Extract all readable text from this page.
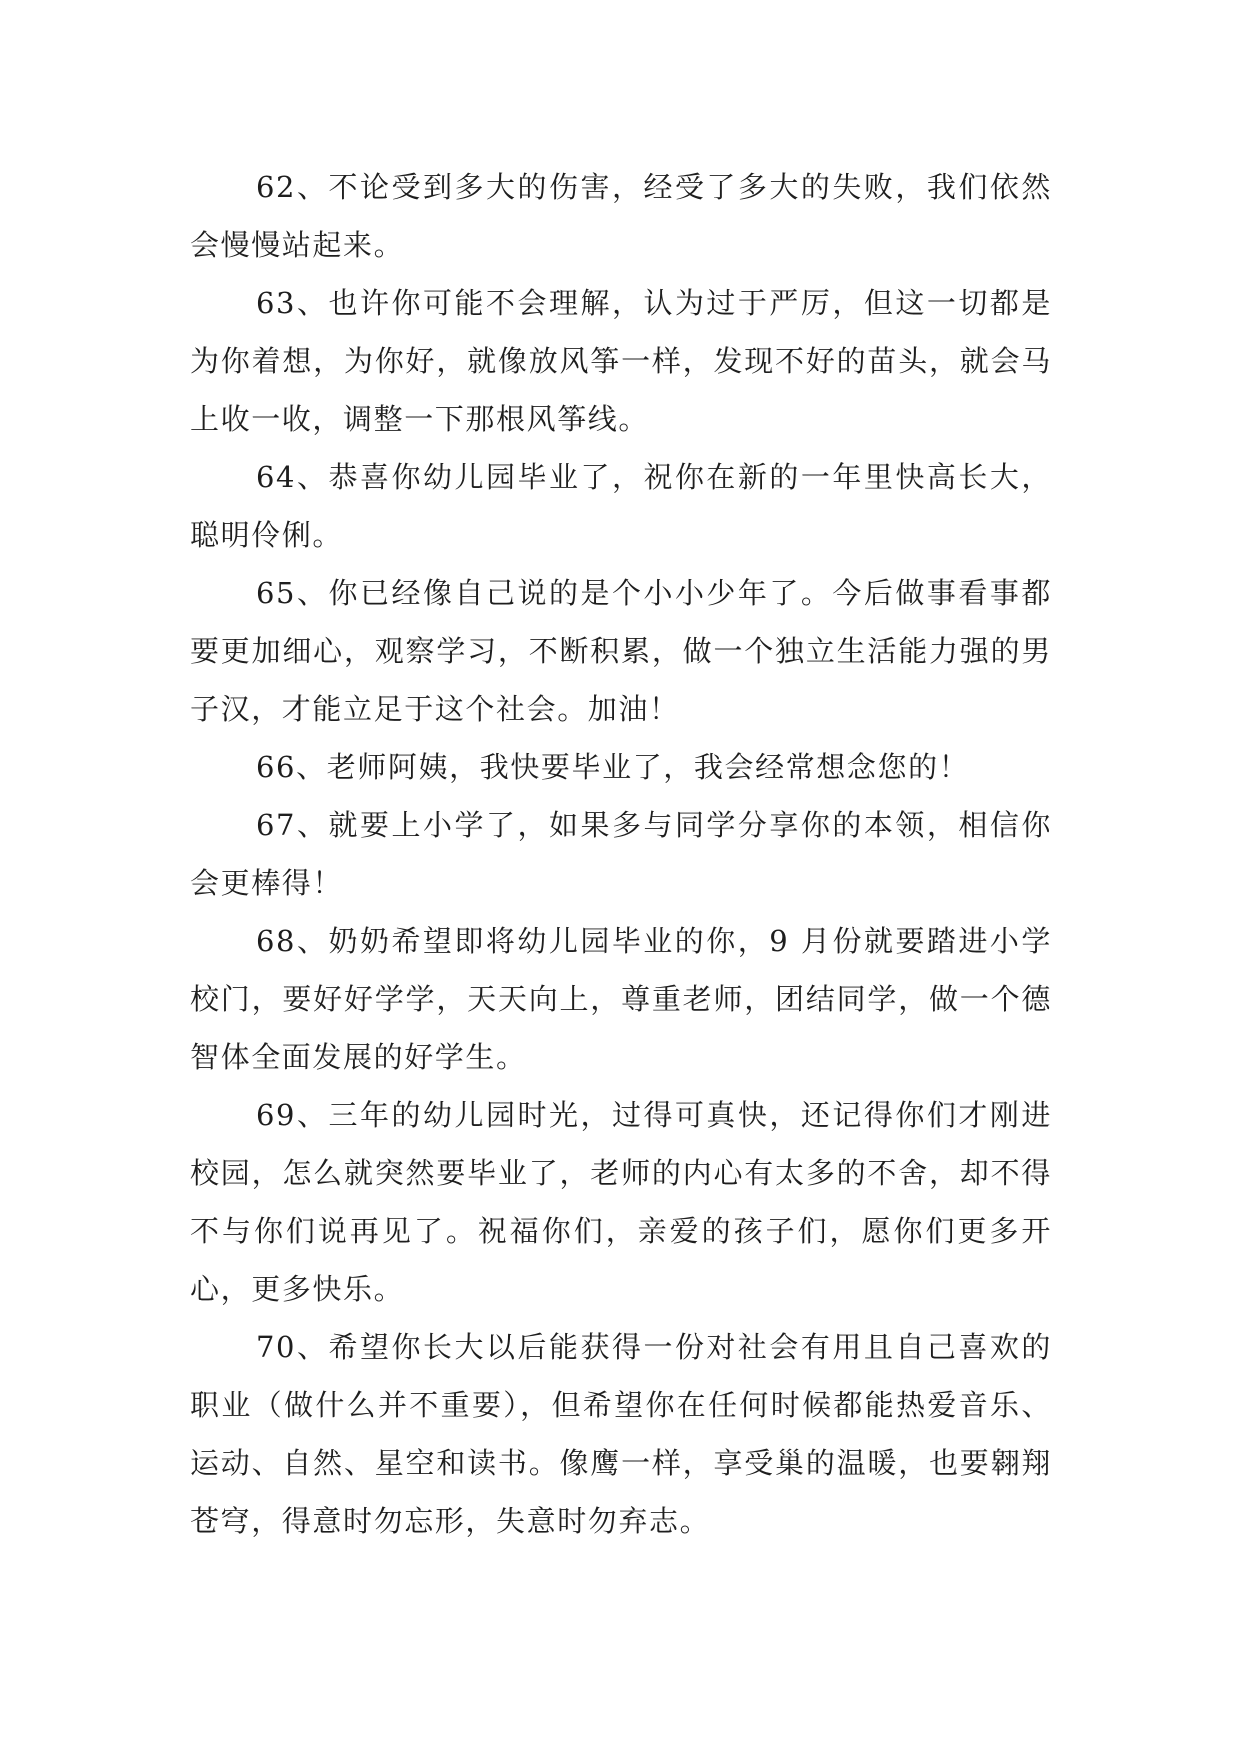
62、不论受到多大的伤害，经受了多大的失败，我们依然会慢慢站起来。

63、也许你可能不会理解，认为过于严厉，但这一切都是为你着想，为你好，就像放风筝一样，发现不好的苗头，就会马上收一收，调整一下那根风筝线。

64、恭喜你幼儿园毕业了，祝你在新的一年里快高长大，聪明伶俐。

65、你已经像自己说的是个小小少年了。今后做事看事都要更加细心，观察学习，不断积累，做一个独立生活能力强的男子汉，才能立足于这个社会。加油！

66、老师阿姨，我快要毕业了，我会经常想念您的！

67、就要上小学了，如果多与同学分享你的本领，相信你会更棒得！

68、奶奶希望即将幼儿园毕业的你，9 月份就要踏进小学校门，要好好学学，天天向上，尊重老师，团结同学，做一个德智体全面发展的好学生。

69、三年的幼儿园时光，过得可真快，还记得你们才刚进校园，怎么就突然要毕业了，老师的内心有太多的不舍，却不得不与你们说再见了。祝福你们，亲爱的孩子们，愿你们更多开心，更多快乐。

70、希望你长大以后能获得一份对社会有用且自己喜欢的职业（做什么并不重要），但希望你在任何时候都能热爱音乐、运动、自然、星空和读书。像鹰一样，享受巢的温暖，也要翱翔苍穹，得意时勿忘形，失意时勿弃志。
